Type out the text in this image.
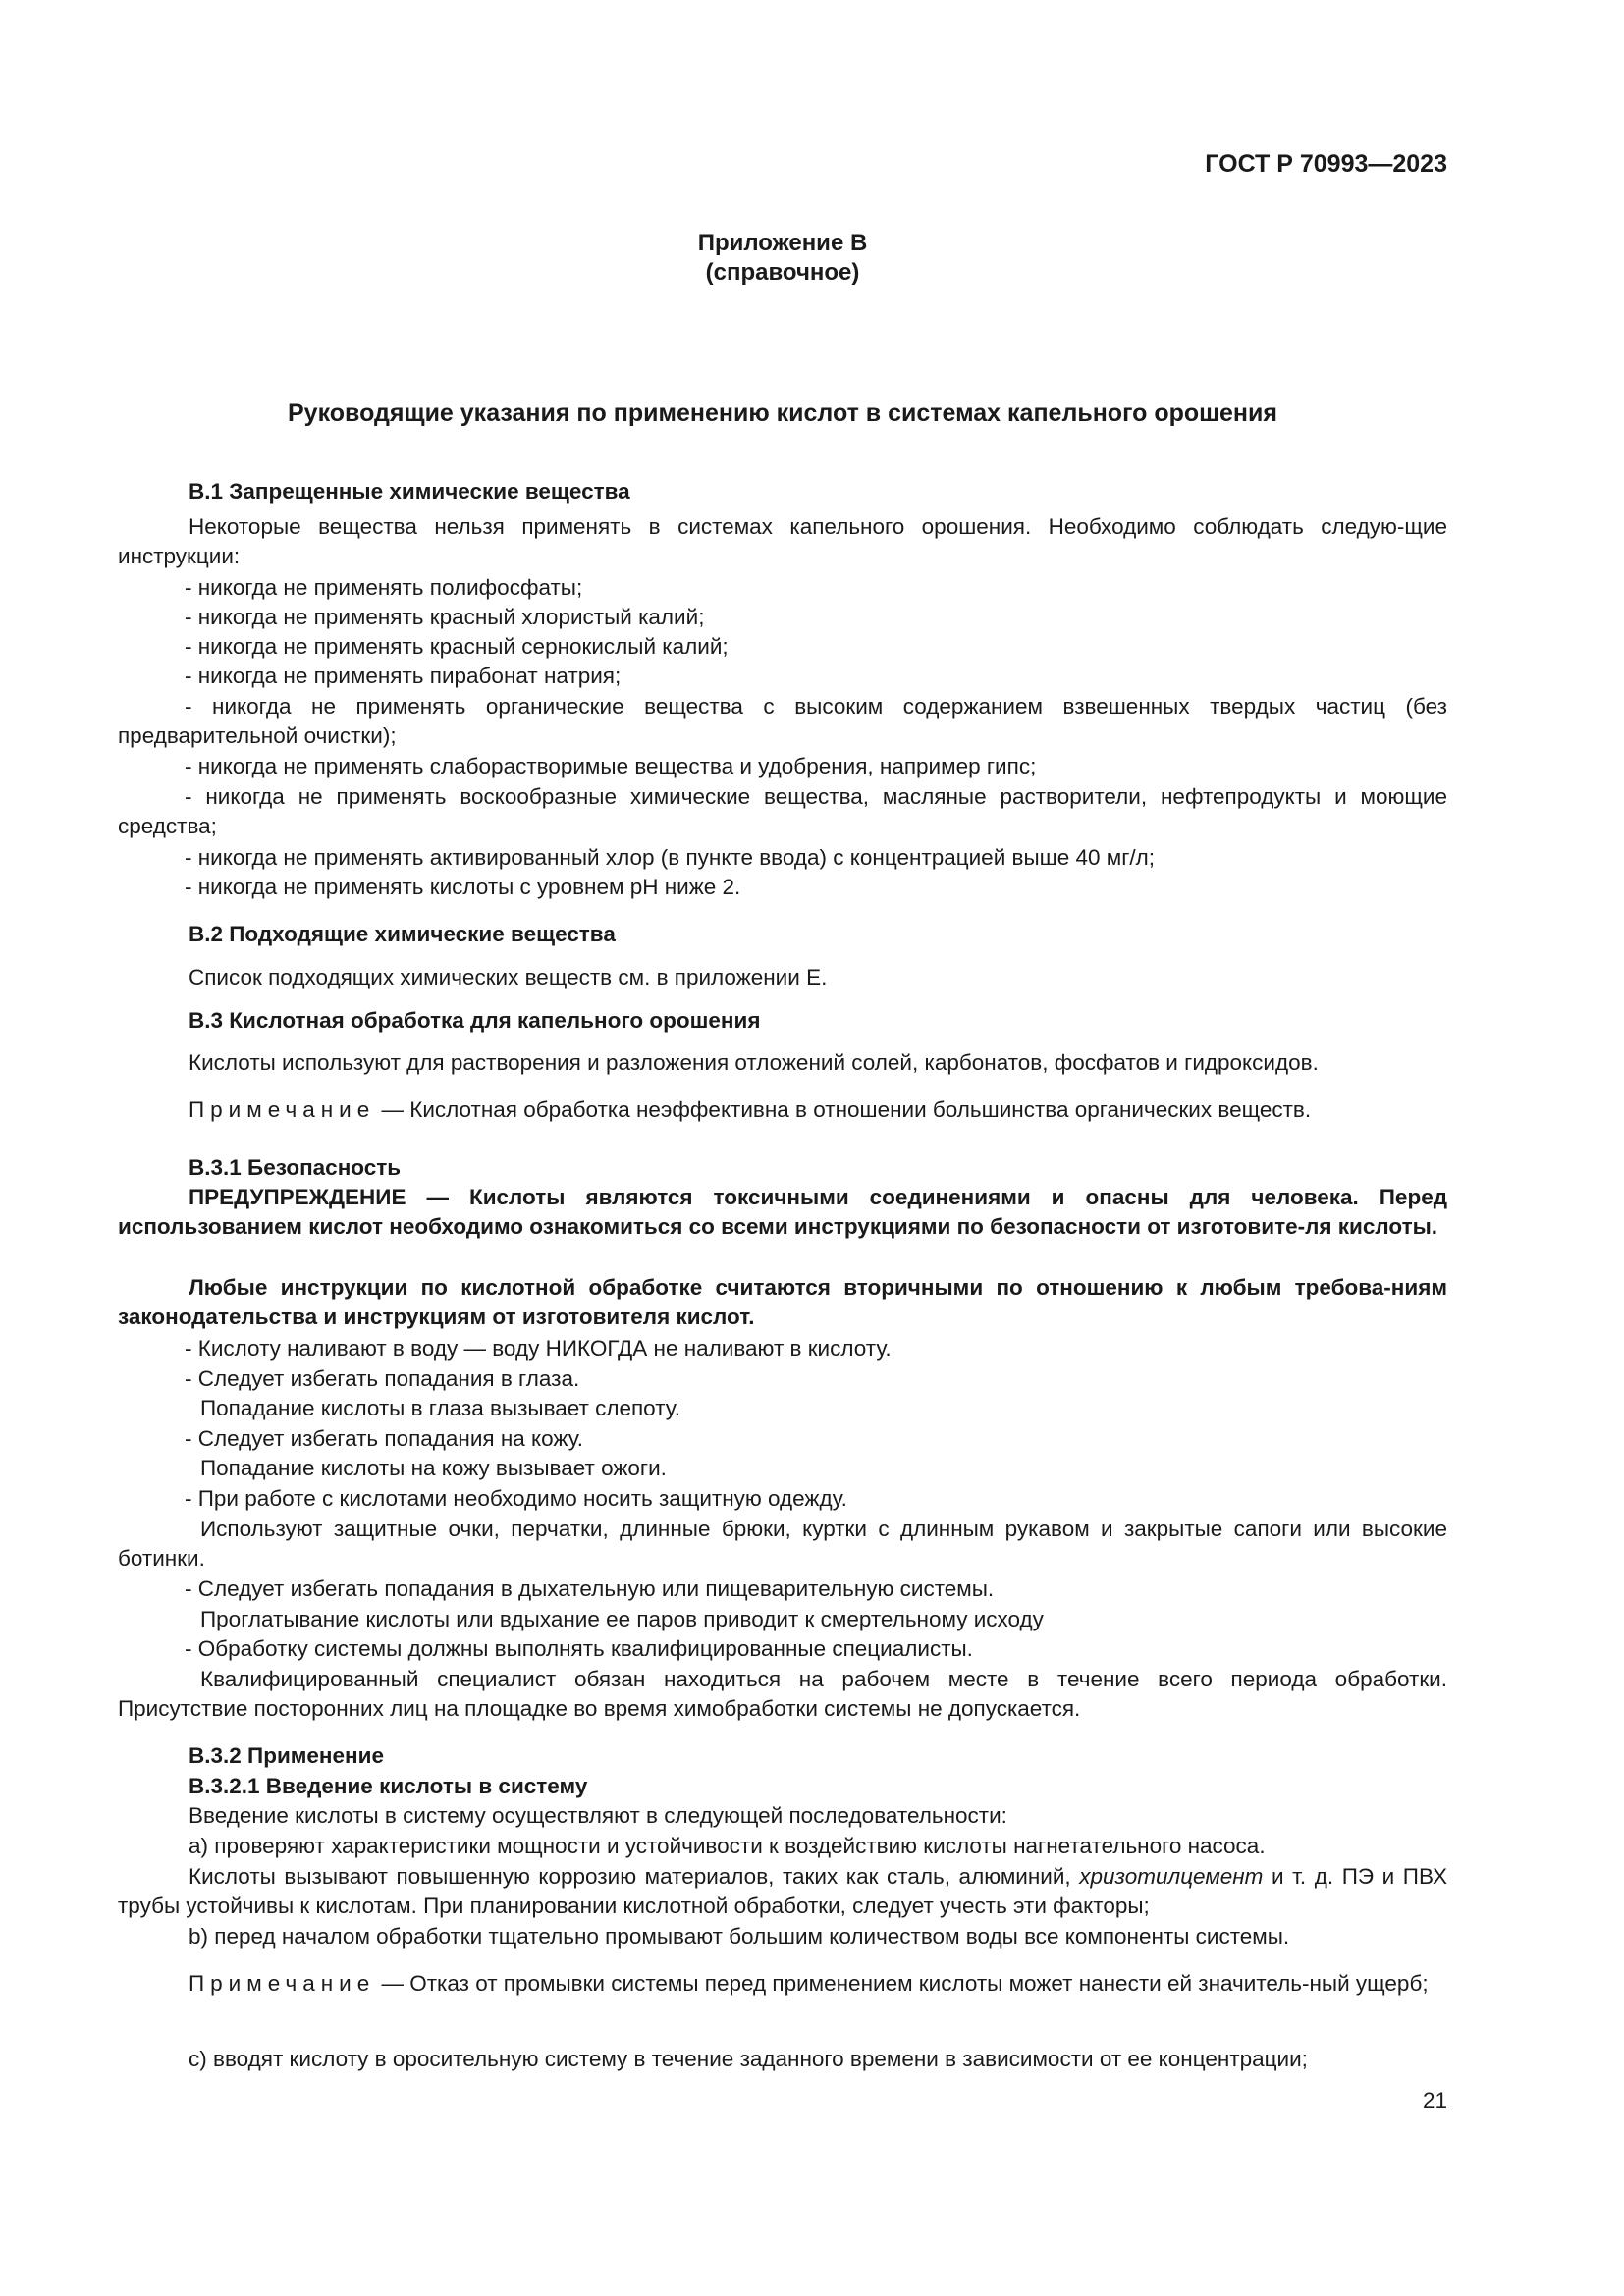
ГОСТ Р 70993—2023
Приложение В
(справочное)
Руководящие указания по применению кислот в системах капельного орошения
В.1 Запрещенные химические вещества
Некоторые вещества нельзя применять в системах капельного орошения. Необходимо соблюдать следую-щие инструкции:
- никогда не применять полифосфаты;
- никогда не применять красный хлористый калий;
- никогда не применять красный сернокислый калий;
- никогда не применять пирабонат натрия;
- никогда не применять органические вещества с высоким содержанием взвешенных твердых частиц (без предварительной очистки);
- никогда не применять слаборастворимые вещества и удобрения, например гипс;
- никогда не применять воскообразные химические вещества, масляные растворители, нефтепродукты и моющие средства;
- никогда не применять активированный хлор (в пункте ввода) с концентрацией выше 40 мг/л;
- никогда не применять кислоты с уровнем pH ниже 2.
В.2 Подходящие химические вещества
Список подходящих химических веществ см. в приложении Е.
В.3 Кислотная обработка для капельного орошения
Кислоты используют для растворения и разложения отложений солей, карбонатов, фосфатов и гидроксидов.
Примечание — Кислотная обработка неэффективна в отношении большинства органических веществ.
В.3.1 Безопасность
ПРЕДУПРЕЖДЕНИЕ — Кислоты являются токсичными соединениями и опасны для человека. Перед использованием кислот необходимо ознакомиться со всеми инструкциями по безопасности от изготовите-ля кислоты.
Любые инструкции по кислотной обработке считаются вторичными по отношению к любым требова-ниям законодательства и инструкциям от изготовителя кислот.
- Кислоту наливают в воду — воду НИКОГДА не наливают в кислоту.
- Следует избегать попадания в глаза.
Попадание кислоты в глаза вызывает слепоту.
- Следует избегать попадания на кожу.
Попадание кислоты на кожу вызывает ожоги.
- При работе с кислотами необходимо носить защитную одежду.
Используют защитные очки, перчатки, длинные брюки, куртки с длинным рукавом и закрытые сапоги или высокие ботинки.
- Следует избегать попадания в дыхательную или пищеварительную системы.
Проглатывание кислоты или вдыхание ее паров приводит к смертельному исходу
- Обработку системы должны выполнять квалифицированные специалисты.
Квалифицированный специалист обязан находиться на рабочем месте в течение всего периода обработки. Присутствие посторонних лиц на площадке во время химобработки системы не допускается.
В.3.2 Применение
В.3.2.1 Введение кислоты в систему
Введение кислоты в систему осуществляют в следующей последовательности:
а) проверяют характеристики мощности и устойчивости к воздействию кислоты нагнетательного насоса.
Кислоты вызывают повышенную коррозию материалов, таких как сталь, алюминий, хризотилцемент и т. д. ПЭ и ПВХ трубы устойчивы к кислотам. При планировании кислотной обработки, следует учесть эти факторы;
b) перед началом обработки тщательно промывают большим количеством воды все компоненты системы.
Примечание — Отказ от промывки системы перед применением кислоты может нанести ей значитель-ный ущерб;
с) вводят кислоту в оросительную систему в течение заданного времени в зависимости от ее концентрации;
21
